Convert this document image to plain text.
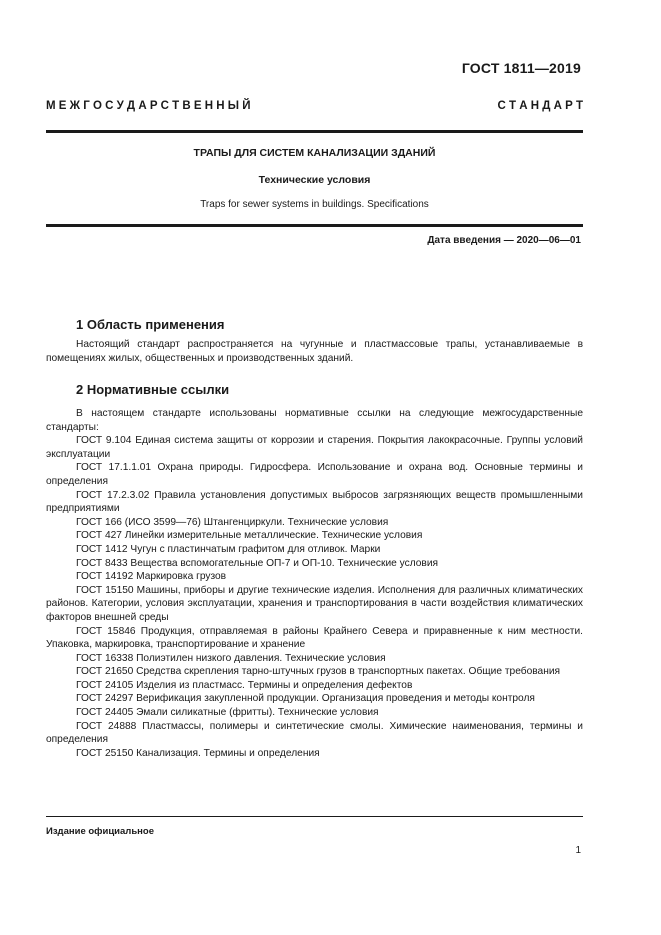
ГОСТ 1811—2019
М Е Ж Г О С У Д А Р С Т В Е Н Н Ы Й	С Т А Н Д А Р Т
ТРАПЫ ДЛЯ СИСТЕМ КАНАЛИЗАЦИИ ЗДАНИЙ
Технические условия
Traps for sewer systems in buildings. Specifications
Дата введения — 2020—06—01
1 Область применения

Настоящий стандарт распространяется на чугунные и пластмассовые трапы, устанавливаемые в помещениях жилых, общественных и производственных зданий.

2 Нормативные ссылки

В настоящем стандарте использованы нормативные ссылки на следующие межгосударственные стандарты:

ГОСТ 9.104 Единая система защиты от коррозии и старения. Покрытия лакокрасочные. Группы условий эксплуатации

ГОСТ 17.1.1.01 Охрана природы. Гидросфера. Использование и охрана вод. Основные термины и определения

ГОСТ 17.2.3.02 Правила установления допустимых выбросов загрязняющих веществ промышленными предприятиями

ГОСТ 166 (ИСО 3599—76) Штангенциркули. Технические условия

ГОСТ 427 Линейки измерительные металлические. Технические условия

ГОСТ 1412 Чугун с пластинчатым графитом для отливок. Марки

ГОСТ 8433 Вещества вспомогательные ОП-7 и ОП-10. Технические условия

ГОСТ 14192 Маркировка грузов

ГОСТ 15150 Машины, приборы и другие технические изделия. Исполнения для различных климатических районов. Категории, условия эксплуатации, хранения и транспортирования в части воздействия климатических факторов внешней среды

ГОСТ 15846 Продукция, отправляемая в районы Крайнего Севера и приравненные к ним местности. Упаковка, маркировка, транспортирование и хранение

ГОСТ 16338 Полиэтилен низкого давления. Технические условия

ГОСТ 21650 Средства скрепления тарно-штучных грузов в транспортных пакетах. Общие требования

ГОСТ 24105 Изделия из пластмасс. Термины и определения дефектов

ГОСТ 24297 Верификация закупленной продукции. Организация проведения и методы контроля

ГОСТ 24405 Эмали силикатные (фритты). Технические условия

ГОСТ 24888 Пластмассы, полимеры и синтетические смолы. Химические наименования, термины и определения

ГОСТ 25150 Канализация. Термины и определения

Издание официальное
1
